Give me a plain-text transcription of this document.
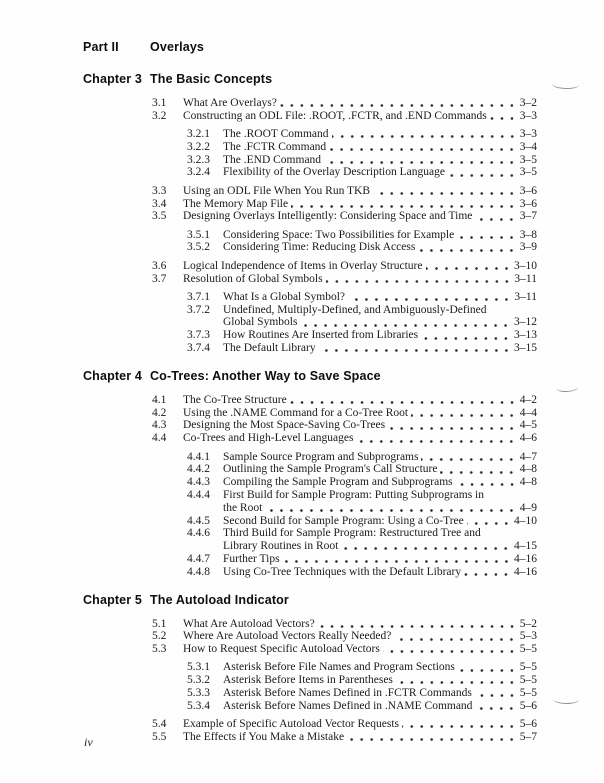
Part II	Overlays
Chapter 3 The Basic Concepts
3.1	What Are Overlays?	3–2
3.2	Constructing an ODL File: .ROOT, .FCTR, and .END Commands	3–3
3.2.1	The .ROOT Command	3–3
3.2.2	The .FCTR Command	3–4
3.2.3	The .END Command	3–5
3.2.4	Flexibility of the Overlay Description Language	3–5
3.3	Using an ODL File When You Run TKB	3–6
3.4	The Memory Map File	3–6
3.5	Designing Overlays Intelligently: Considering Space and Time	3–7
3.5.1	Considering Space: Two Possibilities for Example	3–8
3.5.2	Considering Time: Reducing Disk Access	3–9
3.6	Logical Independence of Items in Overlay Structure	3–10
3.7	Resolution of Global Symbols	3–11
3.7.1	What Is a Global Symbol?	3–11
3.7.2	Undefined, Multiply-Defined, and Ambiguously-Defined
Global Symbols	3–12
3.7.3	How Routines Are Inserted from Libraries	3–13
3.7.4	The Default Library	3–15
Chapter 4 Co-Trees: Another Way to Save Space
4.1	The Co-Tree Structure	4–2
4.2	Using the .NAME Command for a Co-Tree Root	4–4
4.3	Designing the Most Space-Saving Co-Trees	4–5
4.4	Co-Trees and High-Level Languages	4–6
4.4.1	Sample Source Program and Subprograms	4–7
4.4.2	Outlining the Sample Program's Call Structure	4–8
4.4.3	Compiling the Sample Program and Subprograms	4–8
4.4.4	First Build for Sample Program: Putting Subprograms in
the Root	4–9
4.4.5	Second Build for Sample Program: Using a Co-Tree	4–10
4.4.6	Third Build for Sample Program: Restructured Tree and
Library Routines in Root	4–15
4.4.7	Further Tips	4–16
4.4.8	Using Co-Tree Techniques with the Default Library	4–16
Chapter 5 The Autoload Indicator
5.1	What Are Autoload Vectors?	5–2
5.2	Where Are Autoload Vectors Really Needed?	5–3
5.3	How to Request Specific Autoload Vectors	5–5
5.3.1	Asterisk Before File Names and Program Sections	5–5
5.3.2	Asterisk Before Items in Parentheses	5–5
5.3.3	Asterisk Before Names Defined in .FCTR Commands	5–5
5.3.4	Asterisk Before Names Defined in .NAME Command	5–6
5.4	Example of Specific Autoload Vector Requests	5–6
5.5	The Effects if You Make a Mistake	5–7
iv
